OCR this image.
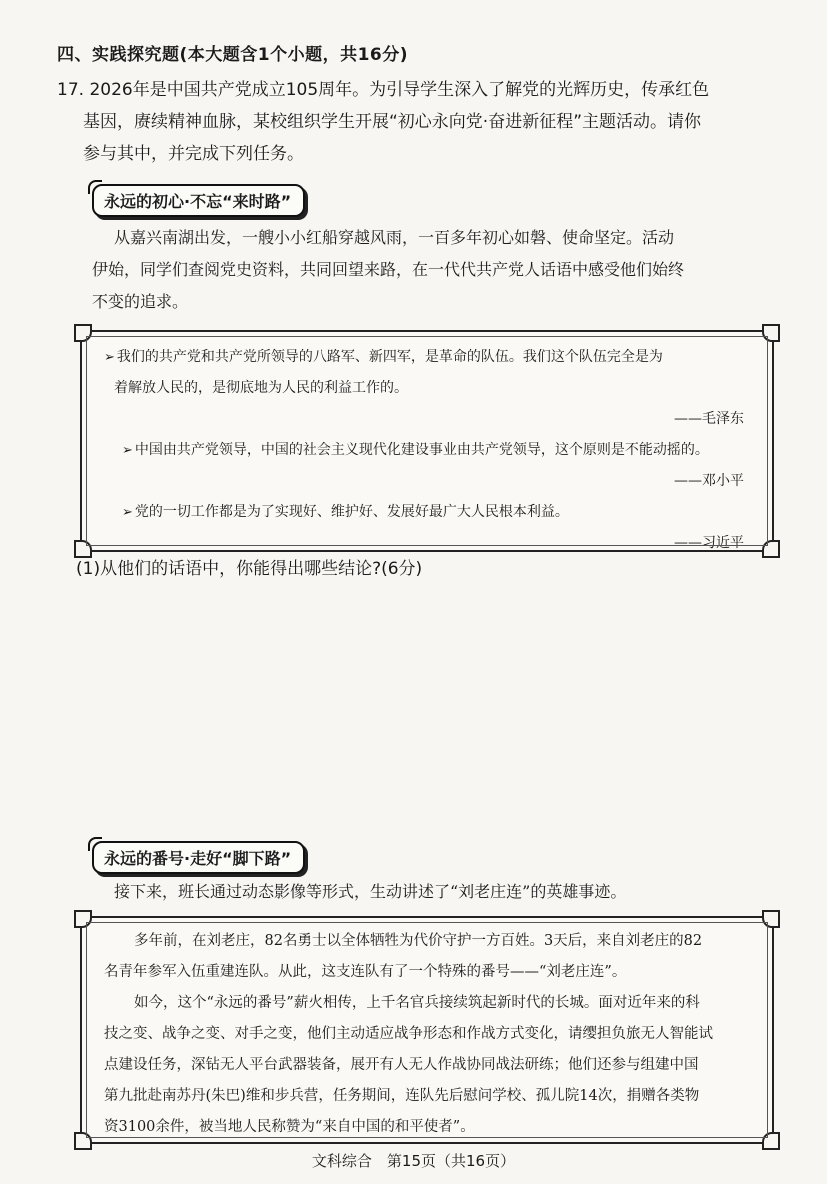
四、实践探究题(本大题含1个小题，共16分)

17. 2026年是中国共产党成立105周年。为引导学生深入了解党的光辉历史，传承红色

基因，赓续精神血脉，某校组织学生开展“初心永向党·奋进新征程”主题活动。请你

参与其中，并完成下列任务。

永远的初心·不忘“来时路”
从嘉兴南湖出发，一艘小小红船穿越风雨，一百多年初心如磐、使命坚定。活动
伊始，同学们查阅党史资料，共同回望来路，在一代代共产党人话语中感受他们始终
不变的追求。
➢ 我们的共产党和共产党所领导的八路军、新四军，是革命的队伍。我们这个队伍完全是为
着解放人民的，是彻底地为人民的利益工作的。
——毛泽东
➢ 中国由共产党领导，中国的社会主义现代化建设事业由共产党领导，这个原则是不能动摇的。
——邓小平
➢ 党的一切工作都是为了实现好、维护好、发展好最广大人民根本利益。
——习近平
(1)从他们的话语中，你能得出哪些结论?(6分)
永远的番号·走好“脚下路”
接下来，班长通过动态影像等形式，生动讲述了“刘老庄连”的英雄事迹。

多年前，在刘老庄，82名勇士以全体牺牲为代价守护一方百姓。3天后，来自刘老庄的82

名青年参军入伍重建连队。从此，这支连队有了一个特殊的番号——“刘老庄连”。

如今，这个“永远的番号”薪火相传，上千名官兵接续筑起新时代的长城。面对近年来的科

技之变、战争之变、对手之变，他们主动适应战争形态和作战方式变化，请缨担负旅无人智能试

点建设任务，深钻无人平台武器装备，展开有人无人作战协同战法研练；他们还参与组建中国

第九批赴南苏丹(朱巴)维和步兵营，任务期间，连队先后慰问学校、孤儿院14次，捐赠各类物

资3100余件，被当地人民称赞为“来自中国的和平使者”。

文科综合　第15页（共16页）
